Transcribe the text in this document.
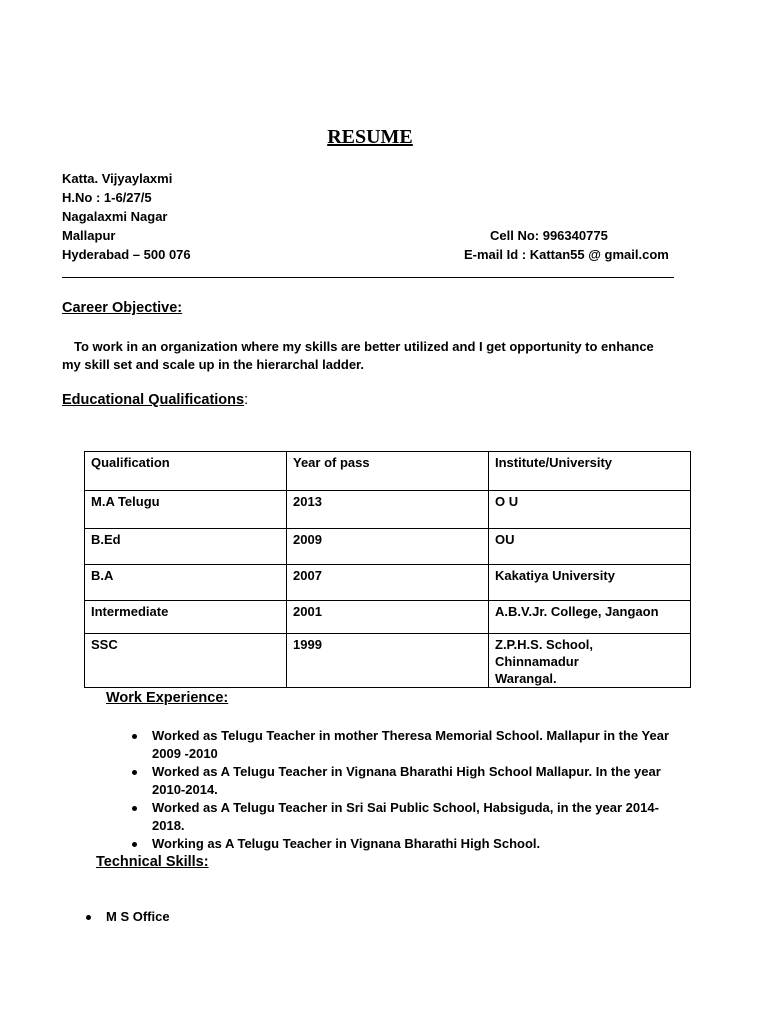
RESUME
Katta. Vijyaylaxmi
H.No : 1-6/27/5
Nagalaxmi Nagar
Mallapur
Hyderabad – 500 076
Cell No: 996340775
E-mail Id : Kattan55 @ gmail.com
Career Objective:
To work in an organization where my skills are better utilized and I get opportunity to enhance my skill set and scale up in the hierarchal ladder.
Educational Qualifications:
Qualification	Year of pass	Institute/University
M.A Telugu	2013	O U

B.Ed	2009	OU

B.A	2007	Kakatiya University

Intermediate	2001	A.B.V.Jr. College, Jangaon

SSC	1999	Z.P.H.S. School,
Chinnamadur
Warangal.
Work Experience:
Worked as Telugu Teacher in mother Theresa Memorial School. Mallapur in the Year 2009 -2010
Worked as A Telugu Teacher in Vignana Bharathi High School Mallapur. In the year 2010-2014.
Worked as A Telugu Teacher in Sri Sai Public School, Habsiguda, in the year 2014-2018.
Working as A Telugu Teacher in Vignana Bharathi High School.
Technical Skills:
M S Office
